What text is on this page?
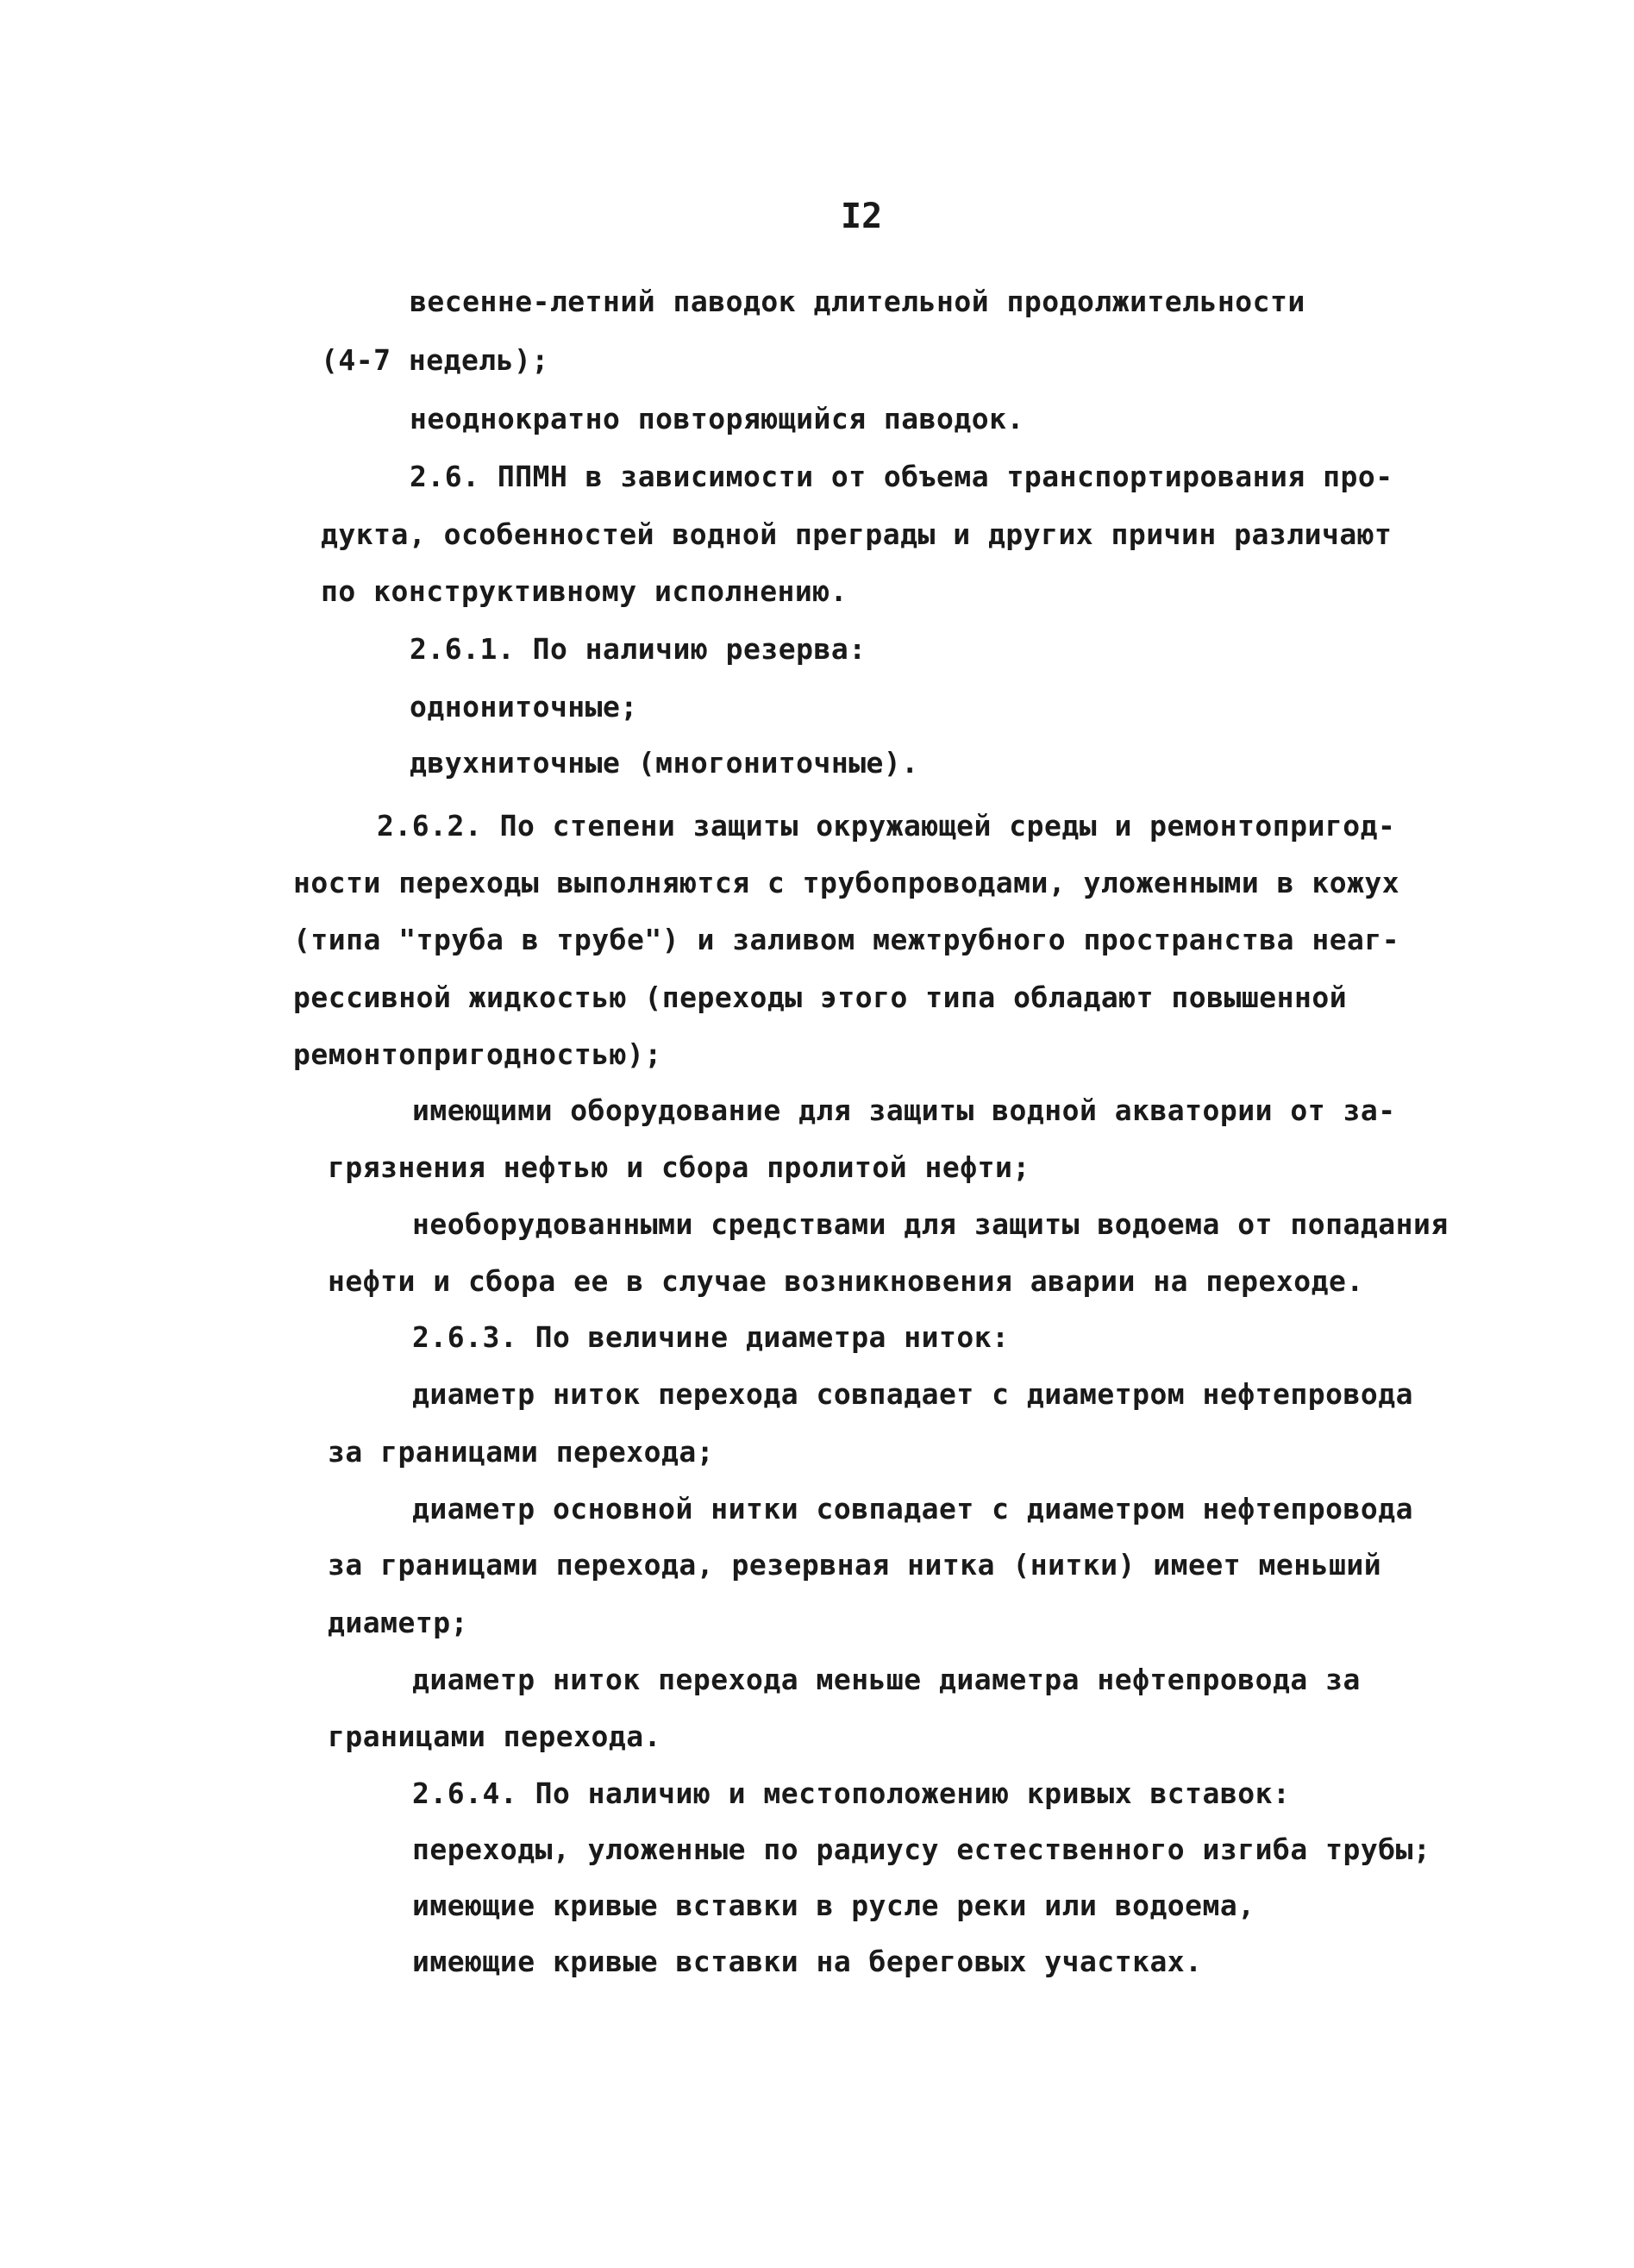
I2
весенне-летний паводок длительной продолжительности
(4-7 недель);
неоднократно повторяющийся паводок.
2.6. ППМН в зависимости от объема транспортирования про-
дукта, особенностей водной преграды и других причин различают
по конструктивному исполнению.
2.6.1. По наличию резерва:
однониточные;
двухниточные (многониточные).
2.6.2. По степени защиты окружающей среды и ремонтопригод-
ности переходы выполняются с трубопроводами, уложенными в кожух
(типа "труба в трубе") и заливом межтрубного пространства неаг-
рессивной жидкостью (переходы этого типа обладают повышенной
ремонтопригодностью);
имеющими оборудование для защиты водной акватории от за-
грязнения нефтью и сбора пролитой нефти;
необорудованными средствами для защиты водоема от попадания
нефти и сбора ее в случае возникновения аварии на переходе.
2.6.3. По величине диаметра ниток:
диаметр ниток перехода совпадает с диаметром нефтепровода
за границами перехода;
диаметр основной нитки совпадает с диаметром нефтепровода
за границами перехода, резервная нитка (нитки) имеет меньший
диаметр;
диаметр ниток перехода меньше диаметра нефтепровода за
границами перехода.
2.6.4. По наличию и местоположению кривых вставок:
переходы, уложенные по радиусу естественного изгиба трубы;
имеющие кривые вставки в русле реки или водоема,
имеющие кривые вставки на береговых участках.
